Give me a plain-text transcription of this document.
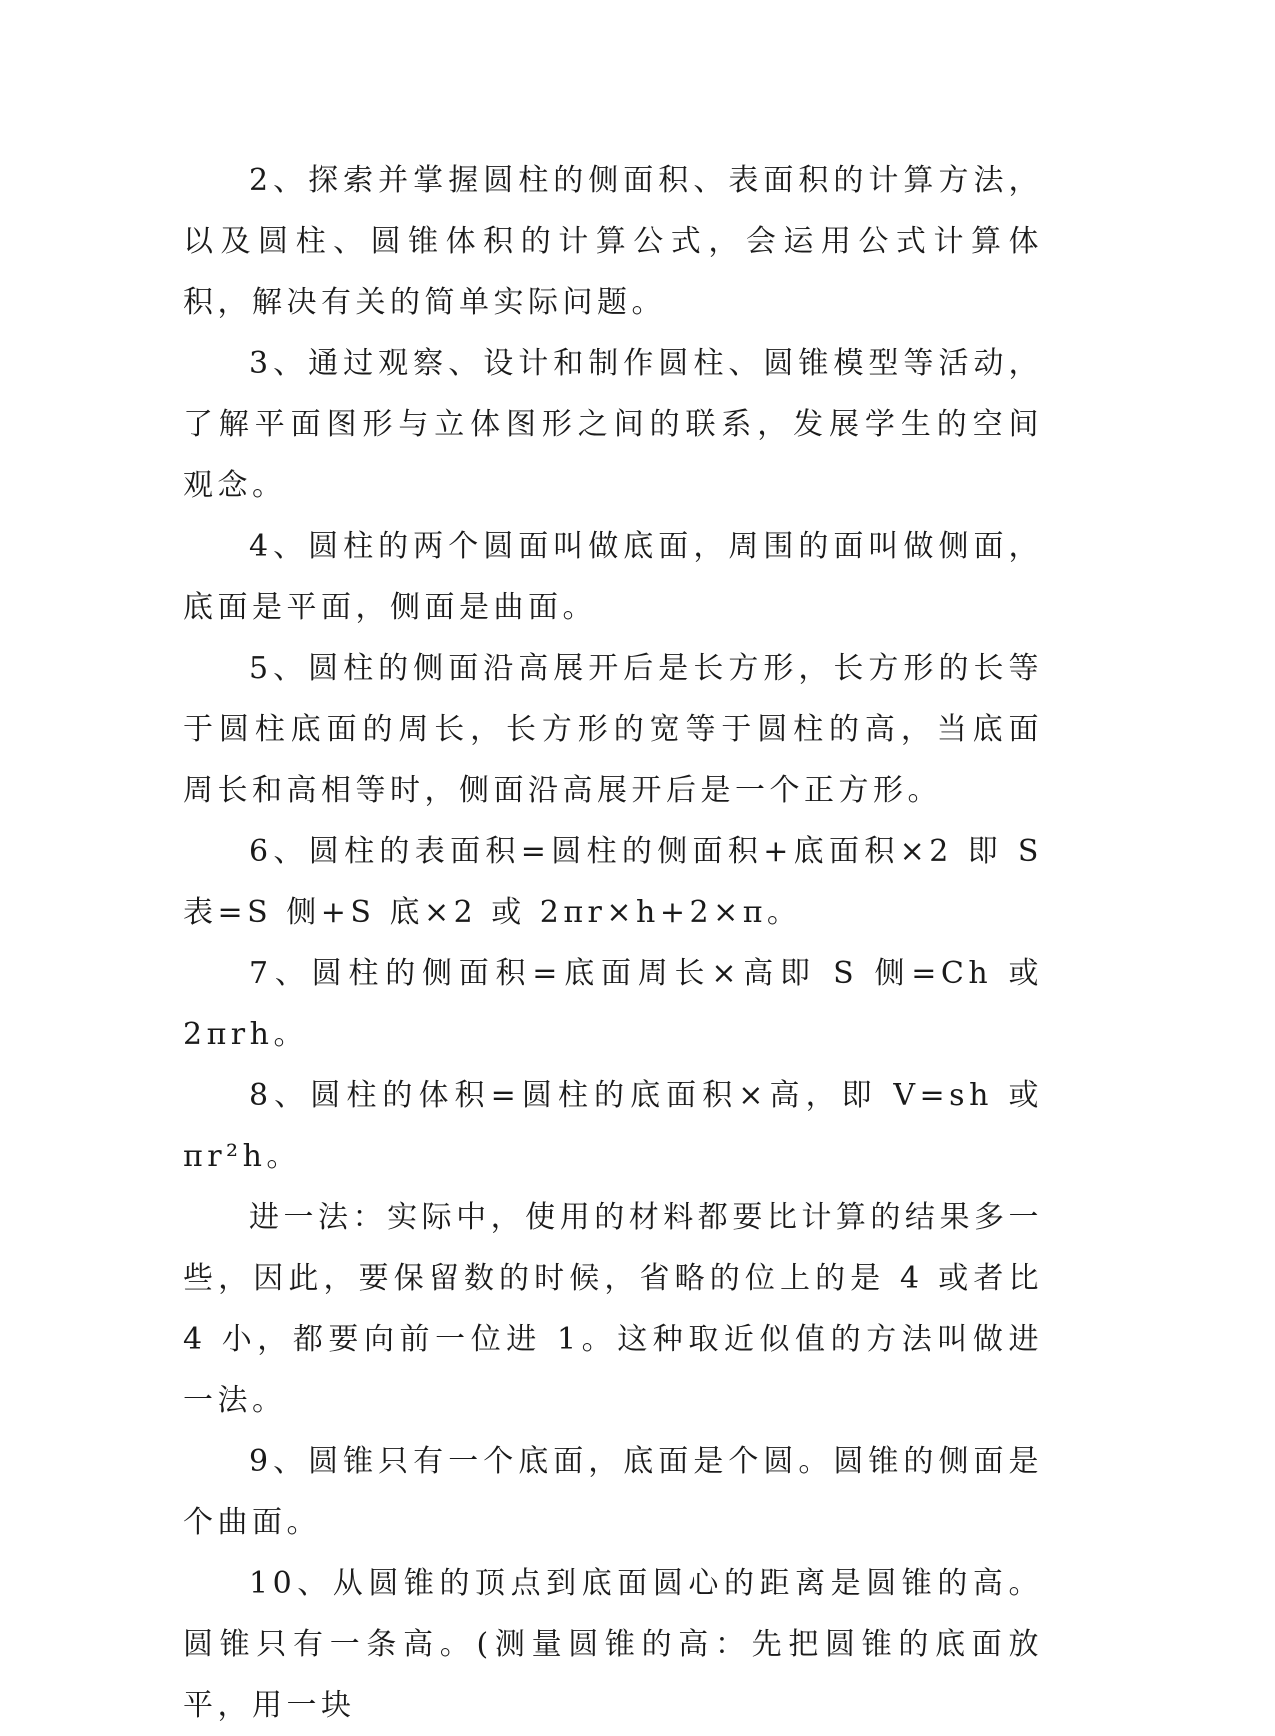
2、探索并掌握圆柱的侧面积、表面积的计算方法，以及圆柱、圆锥体积的计算公式，会运用公式计算体积，解决有关的简单实际问题。

3、通过观察、设计和制作圆柱、圆锥模型等活动，了解平面图形与立体图形之间的联系，发展学生的空间观念。

4、圆柱的两个圆面叫做底面，周围的面叫做侧面，底面是平面，侧面是曲面。

5、圆柱的侧面沿高展开后是长方形，长方形的长等于圆柱底面的周长，长方形的宽等于圆柱的高，当底面周长和高相等时，侧面沿高展开后是一个正方形。

6、圆柱的表面积=圆柱的侧面积+底面积×2 即 S 表=S 侧+S 底×2 或 2πr×h+2×π。

7、圆柱的侧面积=底面周长×高即 S 侧=Ch 或 2πrh。

8、圆柱的体积=圆柱的底面积×高，即 V=sh 或 πr²h。

进一法：实际中，使用的材料都要比计算的结果多一些，因此，要保留数的时候，省略的位上的是 4 或者比 4 小，都要向前一位进 1。这种取近似值的方法叫做进一法。

9、圆锥只有一个底面，底面是个圆。圆锥的侧面是个曲面。

10、从圆锥的顶点到底面圆心的距离是圆锥的高。圆锥只有一条高。(测量圆锥的高：先把圆锥的底面放平，用一块
